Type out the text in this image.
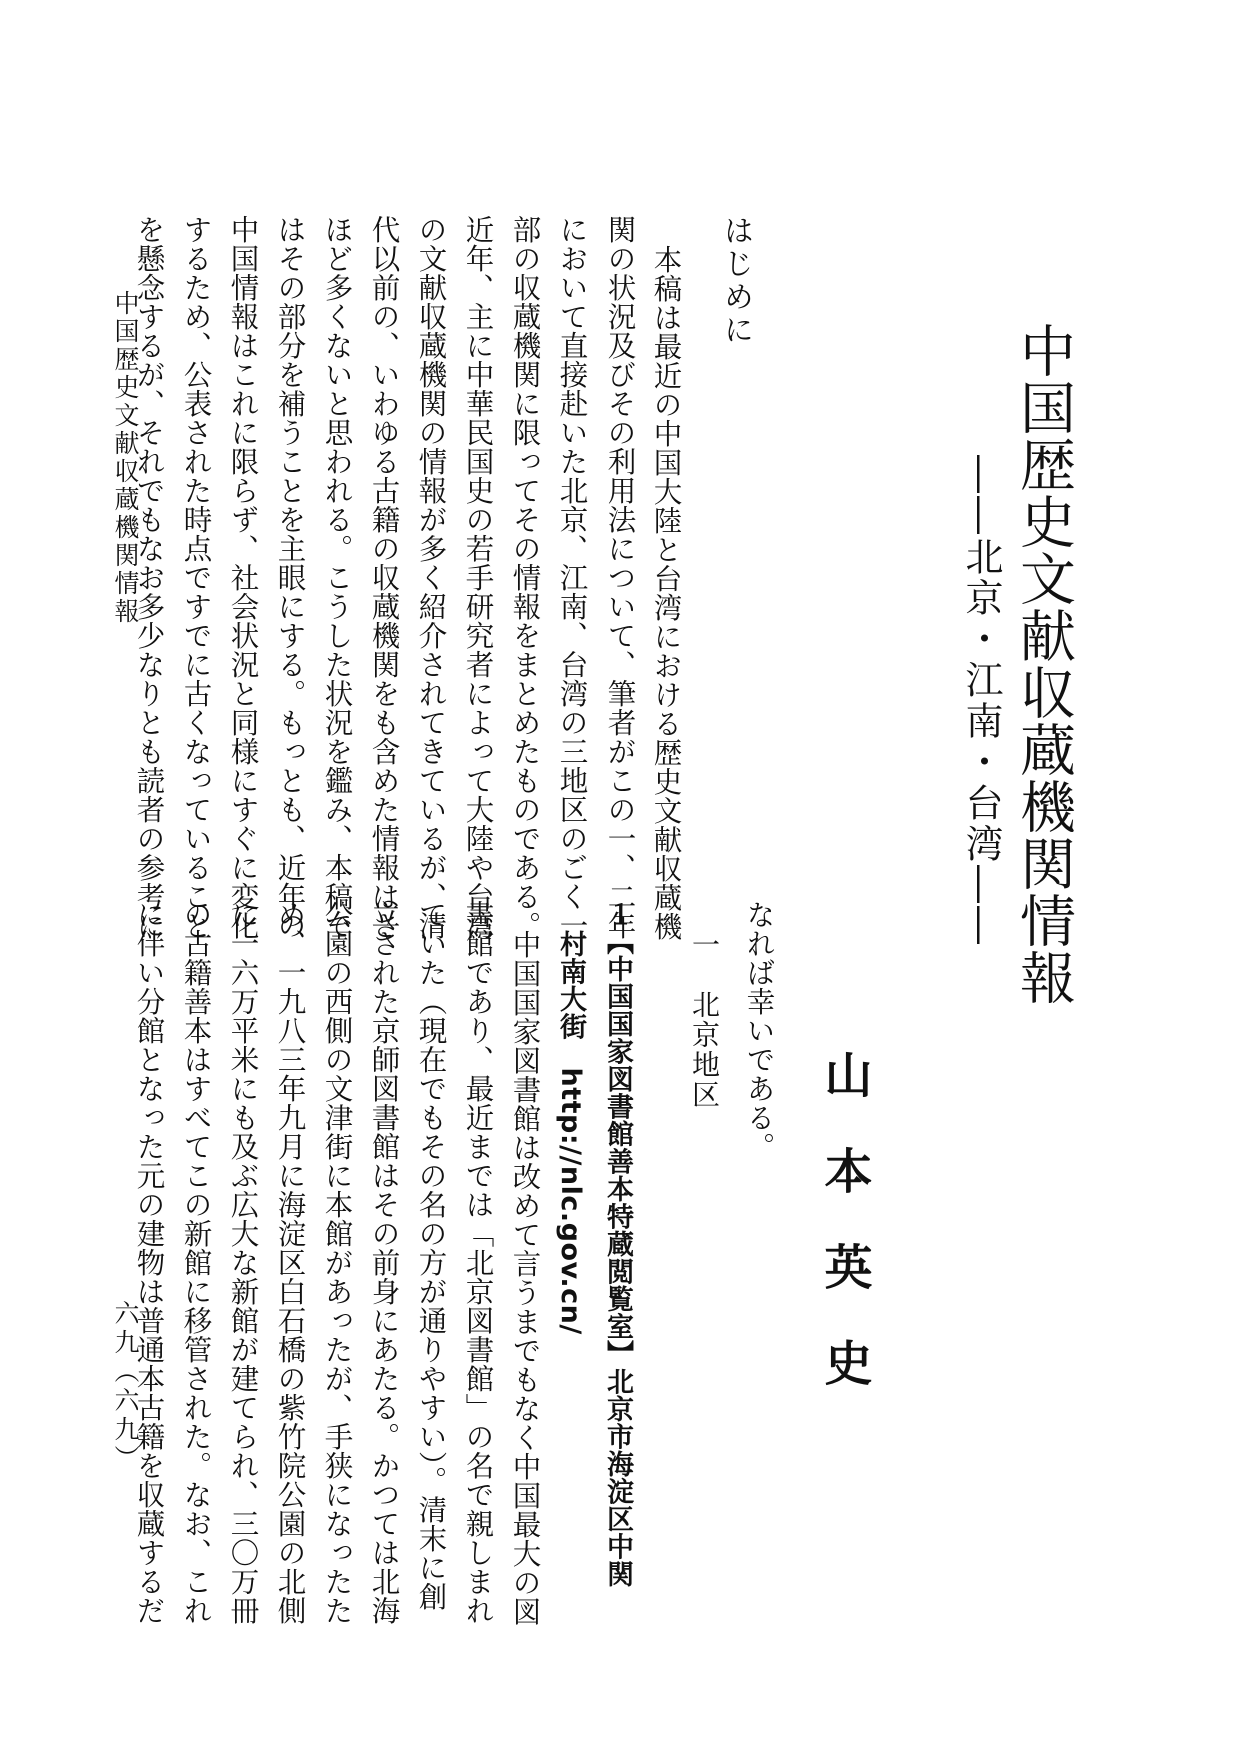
中国歴史文献収蔵機関情報
――北京・江南・台湾――
山本英史
はじめに
本稿は最近の中国大陸と台湾における歴史文献収蔵機
関の状況及びその利用法について、筆者がこの一、二年
において直接赴いた北京、江南、台湾の三地区のごく一
部の収蔵機関に限ってその情報をまとめたものである。
近年、主に中華民国史の若手研究者によって大陸や台湾
の文献収蔵機関の情報が多く紹介されてきているが、清
代以前の、いわゆる古籍の収蔵機関をも含めた情報はさ
ほど多くないと思われる。こうした状況を鑑み、本稿で
はその部分を補うことを主眼にする。もっとも、近年の
中国情報はこれに限らず、社会状況と同様にすぐに変化
するため、公表された時点ですでに古くなっていること
を懸念するが、それでもなお多少なりとも読者の参考に
なれば幸いである。
一　北京地区
１【中国国家図書館善本特蔵閲覧室】北京市海淀区中関
村南大街　http://nlc.gov.cn/
中国国家図書館は改めて言うまでもなく中国最大の図
書館であり、最近までは「北京図書館」の名で親しまれ
ていた（現在でもその名の方が通りやすい）。清末に創
立された京師図書館はその前身にあたる。かつては北海
公園の西側の文津街に本館があったが、手狭になったた
め、一九八三年九月に海淀区白石橋の紫竹院公園の北側
に一六万平米にも及ぶ広大な新館が建てられ、三〇万冊
の古籍善本はすべてこの新館に移管された。なお、これ
に伴い分館となった元の建物は普通本古籍を収蔵するだ
中国歴史文献収蔵機関情報
六九（六九）
